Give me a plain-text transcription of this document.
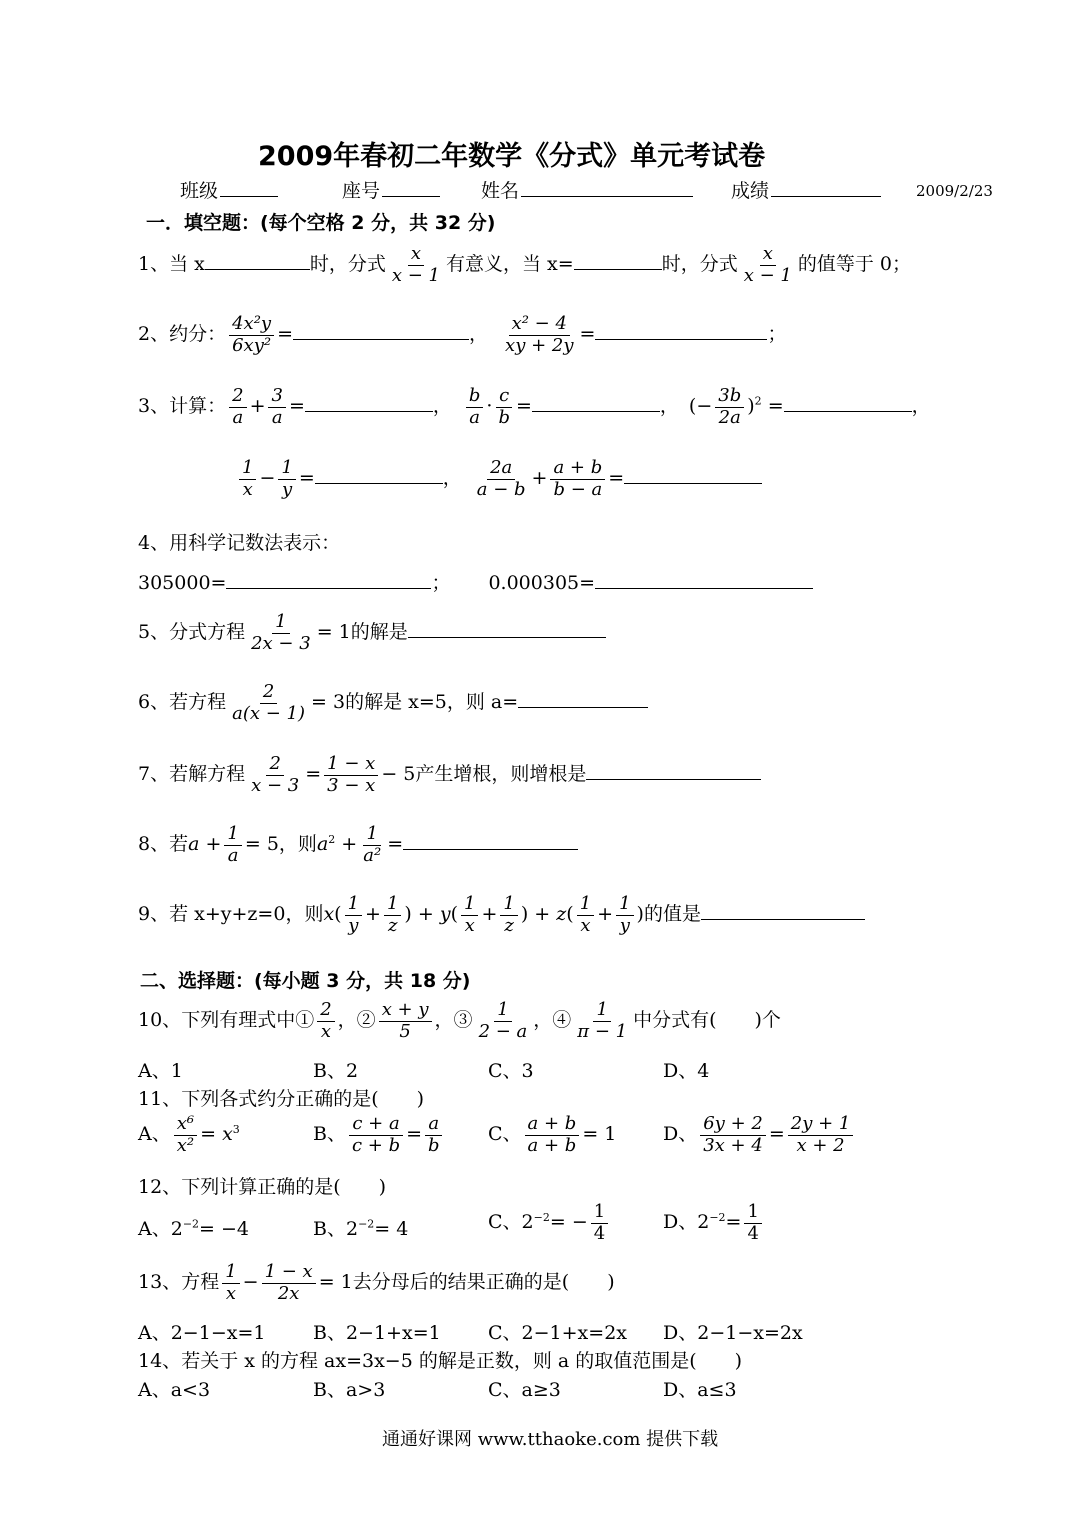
2009年春初二年数学《分式》单元考试卷
班级	座号	姓名	成绩	2009/2/23
一．填空题：(每个空格 2 分，共 32 分)
1、当 x	时，分式 $\frac{x}{x - 1}$ 有意义，当 x=	时，分式 $\frac{x}{x - 1}$ 的值等于 0；
2、约分： $\frac{\text{4x²y}}{\text{6xy²}}$ =	， $\frac{\text{x² − 4}}{xy + 2y}$ =	；
3、计算： $\frac{2}{a} + \frac{3}{a}$ =	， $\frac{b}{a} \cdot \frac{c}{b}$ =	， (− $\frac{3b}{2a} )^2$ =	，
$\frac{1}{x} - \frac{1}{y}$ =	， $\frac{2a}{a - b} + \frac{a + b}{b - a}$ =
4、用科学记数法表示：
305000=	； 0.000305=
5、分式方程 $\frac{1}{2x - 3} = 1$的解是
6、若方程 $\frac{2}{a(x - 1)} = 3$的解是 x=5，则 a=
7、若解方程 $\frac{2}{x - 3} = \frac{1 - x}{3 - x} - 5$产生增根，则增根是
8、若$a + \frac{1}{a} = 5$，则$a^2 + \frac{1}{\text{a²}}$ =
9、若 x+y+z=0，则$x( \frac{1}{y} + \frac{1}{z}$ ) + $y( \frac{1}{x} + \frac{1}{z}$ ) + $z( \frac{1}{x} + \frac{1}{y}$ )的值是
二、选择题：(每小题 3 分，共 18 分)
10、下列有理式中① $\frac{2}{x}$ ，② $\frac{x + y}{5}$ ，③ $\frac{1}{2 - a}$ ，④ $\frac{1}{\pi - 1}$ 中分式有(　　)个
A、1	B、2	C、3	D、4
11、下列各式约分正确的是(　　)
A、 $\frac{\text{x⁶}}{\text{x²}} = x^3$	B、 $\frac{c + a}{c + b} = \frac{a}{b}$ C、 $\frac{a + b}{a + b} = 1$ D、 $\frac{6y + 2}{3x + 4} = \frac{2y + 1}{x + 2}$
12、下列计算正确的是(　　)
A、$2^{-2}= -4$	B、$2^{-2}= 4$	C、$2^{-2}= - \frac{1}{4}$	D、$2^{-2}= \frac{1}{4}$
13、方程 $\frac{1}{x} - \frac{1 - x}{2x} = 1$去分母后的结果正确的是(　　)
A、2−1−x=1	B、2−1+x=1 C、2−1+x=2x D、2−1−x=2x
14、若关于 x 的方程 ax=3x−5 的解是正数，则 a 的取值范围是(　　)
A、a<3	B、a>3	C、a≥3	D、a≤3
通通好课网 www.tthaoke.com 提供下载
